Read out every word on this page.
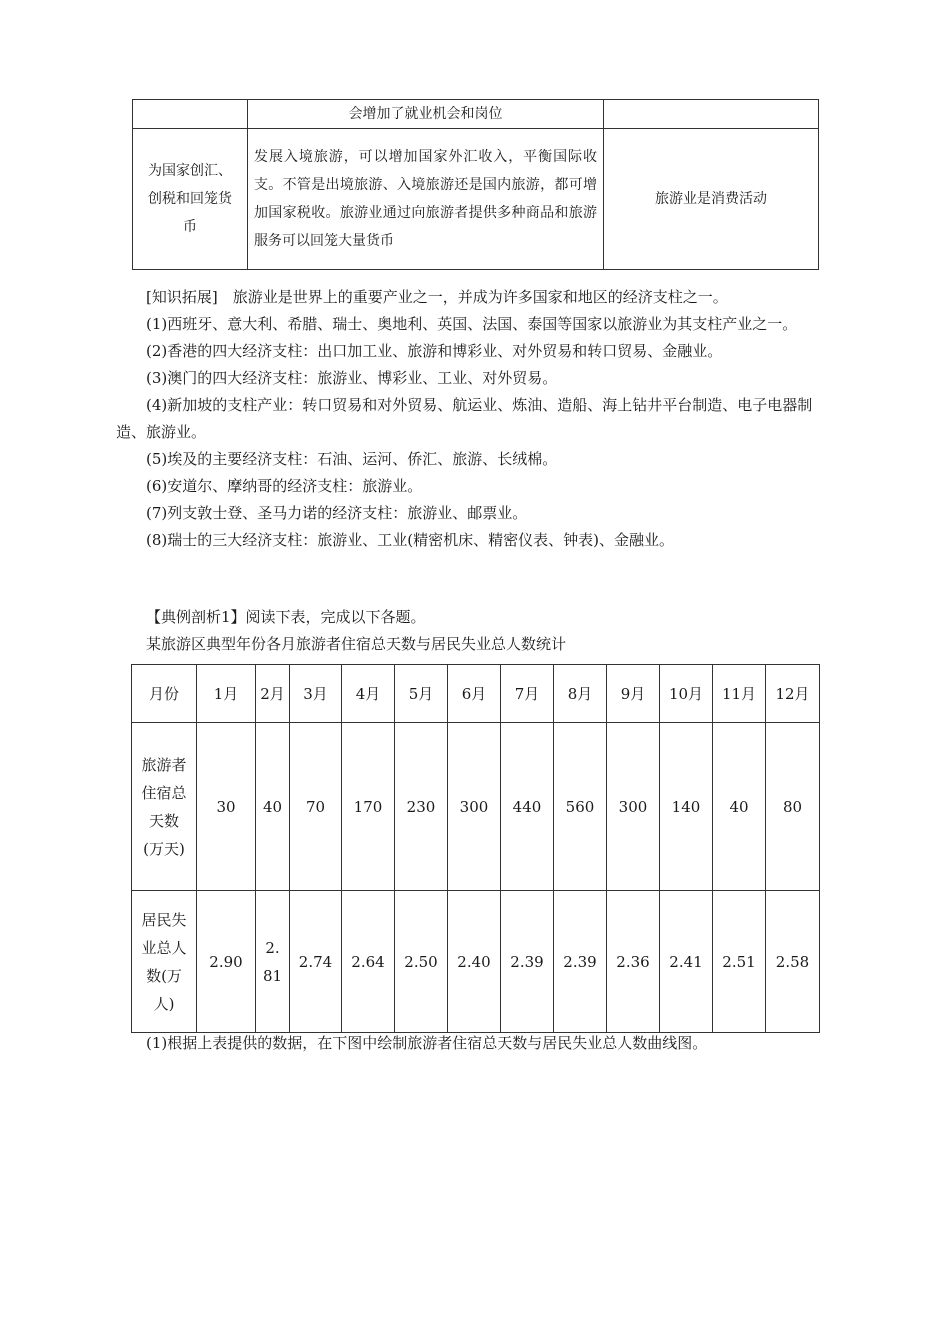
	会增加了就业机会和岗位	
为国家创汇、创税和回笼货币	发展入境旅游，可以增加国家外汇收入，平衡国际收支。不管是出境旅游、入境旅游还是国内旅游，都可增加国家税收。旅游业通过向旅游者提供多种商品和旅游服务可以回笼大量货币	旅游业是消费活动
[知识拓展]　旅游业是世界上的重要产业之一，并成为许多国家和地区的经济支柱之一。
(1)西班牙、意大利、希腊、瑞士、奥地利、英国、法国、泰国等国家以旅游业为其支柱产业之一。
(2)香港的四大经济支柱：出口加工业、旅游和博彩业、对外贸易和转口贸易、金融业。
(3)澳门的四大经济支柱：旅游业、博彩业、工业、对外贸易。
(4)新加坡的支柱产业：转口贸易和对外贸易、航运业、炼油、造船、海上钻井平台制造、电子电器制造、旅游业。
(5)埃及的主要经济支柱：石油、运河、侨汇、旅游、长绒棉。
(6)安道尔、摩纳哥的经济支柱：旅游业。
(7)列支敦士登、圣马力诺的经济支柱：旅游业、邮票业。
(8)瑞士的三大经济支柱：旅游业、工业(精密机床、精密仪表、钟表)、金融业。
【典例剖析1】阅读下表，完成以下各题。
某旅游区典型年份各月旅游者住宿总天数与居民失业总人数统计
月份	1月	2月	3月	4月	5月	6月	7月	8月	9月	10月	11月	12月
旅游者住宿总天数(万天)	30	40	70	170	230	300	440	560	300	140	40	80
居民失业总人数(万人)	2.90	2.81	2.74	2.64	2.50	2.40	2.39	2.39	2.36	2.41	2.51	2.58
(1)根据上表提供的数据，在下图中绘制旅游者住宿总天数与居民失业总人数曲线图。
